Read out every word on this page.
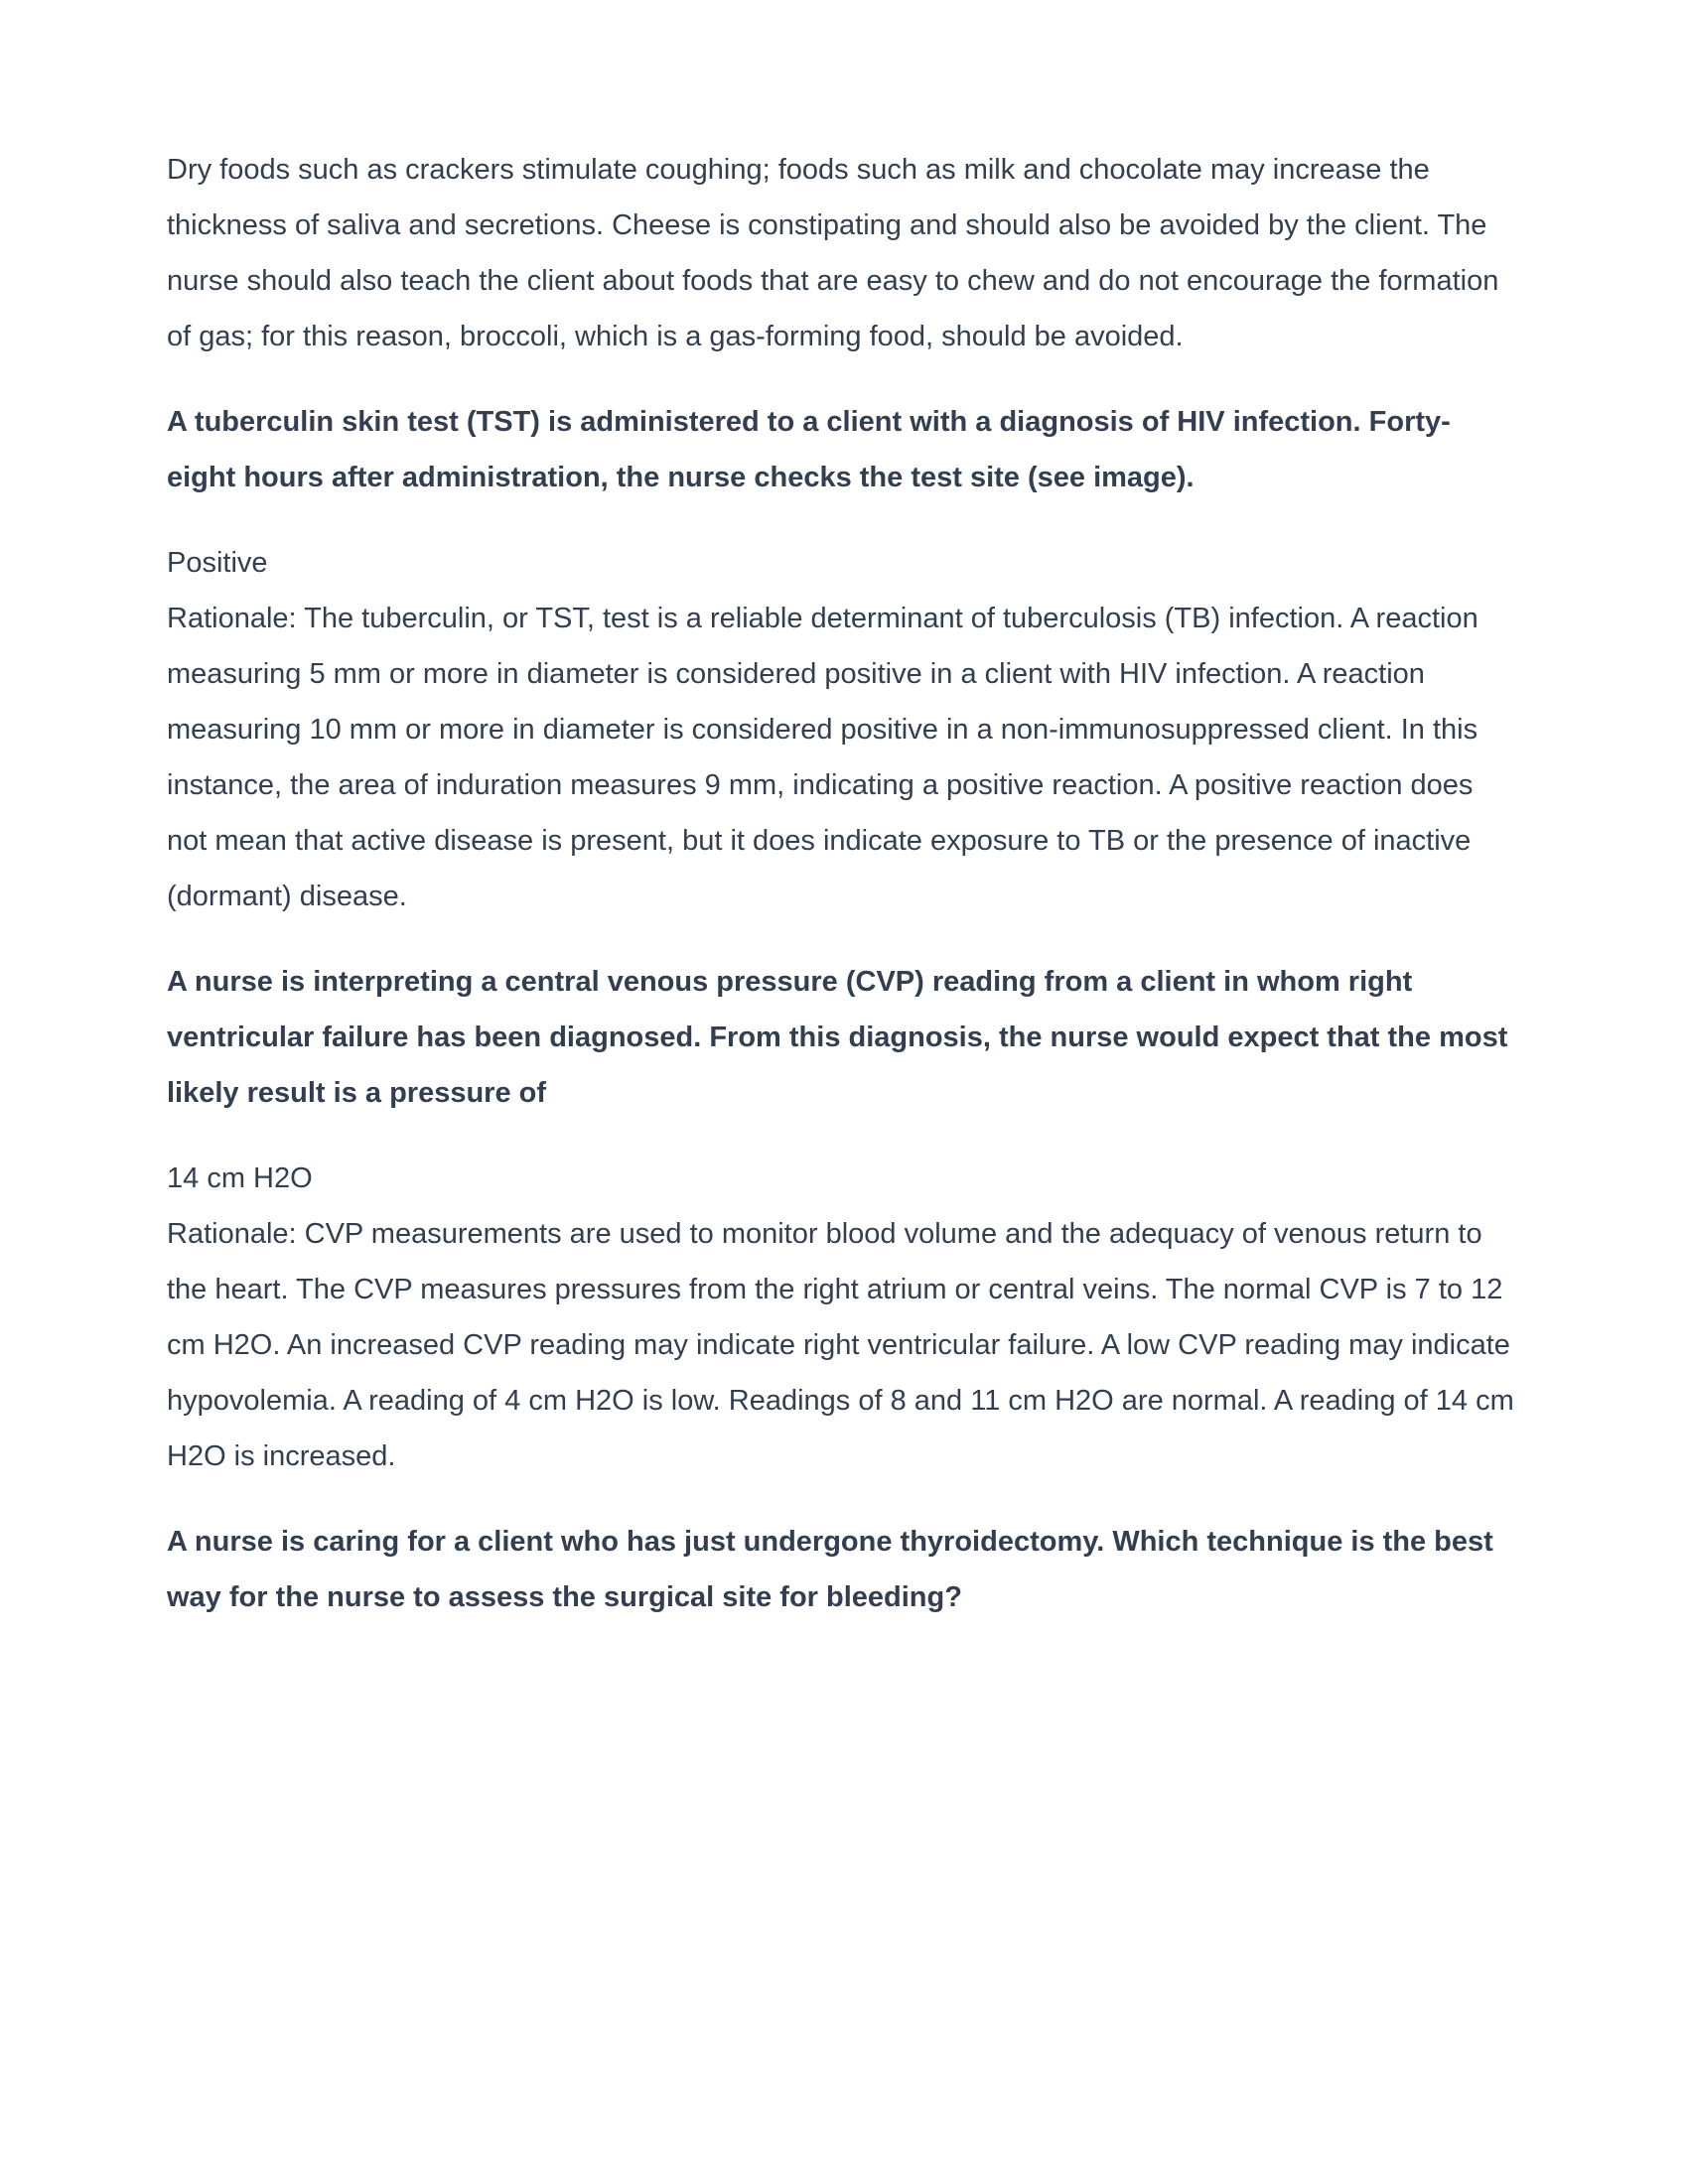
Dry foods such as crackers stimulate coughing; foods such as milk and chocolate may increase the thickness of saliva and secretions. Cheese is constipating and should also be avoided by the client. The nurse should also teach the client about foods that are easy to chew and do not encourage the formation of gas; for this reason, broccoli, which is a gas-forming food, should be avoided.

A tuberculin skin test (TST) is administered to a client with a diagnosis of HIV infection. Forty-eight hours after administration, the nurse checks the test site (see image).

Positive
Rationale: The tuberculin, or TST, test is a reliable determinant of tuberculosis (TB) infection. A reaction measuring 5 mm or more in diameter is considered positive in a client with HIV infection. A reaction measuring 10 mm or more in diameter is considered positive in a non-immunosuppressed client. In this instance, the area of induration measures 9 mm, indicating a positive reaction. A positive reaction does not mean that active disease is present, but it does indicate exposure to TB or the presence of inactive (dormant) disease.

A nurse is interpreting a central venous pressure (CVP) reading from a client in whom right ventricular failure has been diagnosed. From this diagnosis, the nurse would expect that the most likely result is a pressure of

14 cm H2O
Rationale: CVP measurements are used to monitor blood volume and the adequacy of venous return to the heart. The CVP measures pressures from the right atrium or central veins. The normal CVP is 7 to 12 cm H2O. An increased CVP reading may indicate right ventricular failure. A low CVP reading may indicate hypovolemia. A reading of 4 cm H2O is low. Readings of 8 and 11 cm H2O are normal. A reading of 14 cm H2O is increased.

A nurse is caring for a client who has just undergone thyroidectomy. Which technique is the best way for the nurse to assess the surgical site for bleeding?
